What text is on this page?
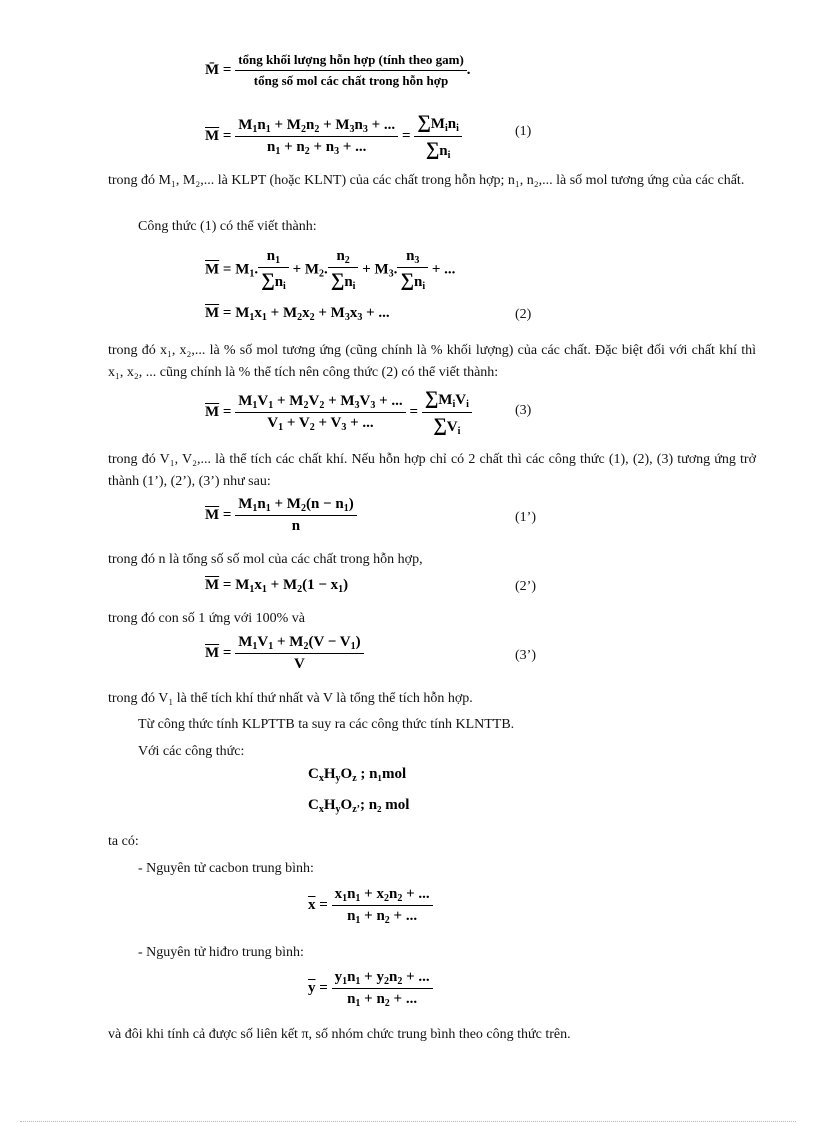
M̄ = $\frac{\text{tổng khối lượng hỗn hợp (tính theo gam)}}{\text{tổng số mol các chất trong hỗn hợp}}$ .
$\overline{M} = \frac{M_1n_1 + M_2n_2 + M_3n_3 + ...}{n_1 + n_2 + n_3 + ...} = \frac{\sum M_in_i}{\sum n_i}$	(1)
trong đó M₁, M₂,... là KLPT (hoặc KLNT) của các chất trong hỗn hợp; n₁, n₂,... là số mol tương ứng của các chất.
Công thức (1) có thể viết thành:
$\overline{M} = M_1$. $\frac{n_1}{\sum n_i} + M_2$. $\frac{n_2}{\sum n_i} + M_3$. $\frac{n_3}{\sum n_i}$ + ...
$\overline{M} = M_1x_1 + M_2x_2 + M_3x_3$ + ...	(2)
trong đó x₁, x₂,... là % số mol tương ứng (cũng chính là % khối lượng) của các chất. Đặc biệt đối với chất khí thì x₁, x₂, ... cũng chính là % thể tích nên công thức (2) có thể viết thành:
$\overline{M} = \frac{M_1V_1 + M_2V_2 + M_3V_3 + ...}{V_1 + V_2 + V_3 + ...} = \frac{\sum M_iV_i}{\sum V_i}$	(3)
trong đó V₁, V₂,... là thể tích các chất khí. Nếu hỗn hợp chỉ có 2 chất thì các công thức (1), (2), (3) tương ứng trở thành (1’), (2’), (3’) như sau:
$\overline{M} = \frac{M_1n_1 + M_2(n - n_1)}{n}$	(1’)
trong đó n là tổng số số mol của các chất trong hỗn hợp,
$\overline{M} = M_1x_1 + M_2(1 - x_1)$	(2’)
trong đó con số 1 ứng với 100% và
$\overline{M} = \frac{M_1V_1 + M_2(V - V_1)}{V}$	(3’)
trong đó V₁ là thể tích khí thứ nhất và V là tổng thể tích hỗn hợp.
Từ công thức tính KLPTTB ta suy ra các công thức tính KLNTTB.
Với các công thức:
$C_xH_yO_z$ ; n₁mol
$C_xH_yO_{z’}$; n₂ mol
ta có:
- Nguyên tử cacbon trung bình:
$\overline{x} = \frac{x_1n_1 + x_2n_2 + ...}{n_1 + n_2 + ...}$
- Nguyên tử hiđro trung bình:
$\overline{y} = \frac{y_1n_1 + y_2n_2 + ...}{n_1 + n_2 + ...}$
và đôi khi tính cả được số liên kết π, số nhóm chức trung bình theo công thức trên.
